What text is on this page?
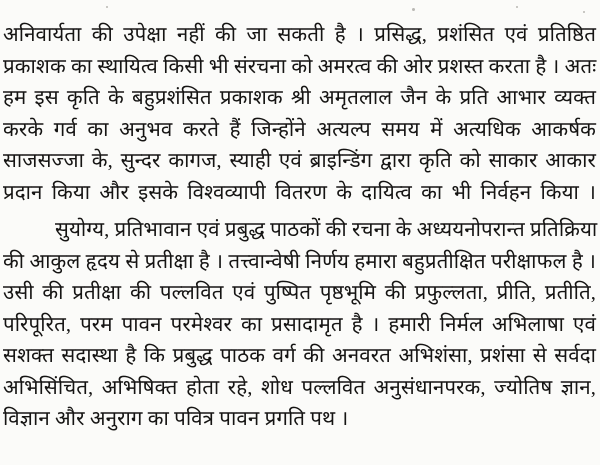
अनिवार्यता की उपेक्षा नहीं की जा सकती है । प्रसिद्ध, प्रशंसित एवं प्रतिष्ठित
प्रकाशक का स्थायित्व किसी भी संरचना को अमरत्व की ओर प्रशस्त करता है । अतः
हम इस कृति के बहुप्रशंसित प्रकाशक श्री अमृतलाल जैन के प्रति आभार व्यक्त
करके गर्व का अनुभव करते हैं जिन्होंने अत्यल्प समय में अत्यधिक आकर्षक
साजसज्जा के, सुन्दर कागज, स्याही एवं ब्राइन्डिंग द्वारा कृति को साकार आकार
प्रदान किया और इसके विश्वव्यापी वितरण के दायित्व का भी निर्वहन किया ।
सुयोग्य, प्रतिभावान एवं प्रबुद्ध पाठकों की रचना के अध्ययनोपरान्त प्रतिक्रिया
की आकुल हृदय से प्रतीक्षा है । तत्त्वान्वेषी निर्णय हमारा बहुप्रतीक्षित परीक्षाफल है ।
उसी की प्रतीक्षा की पल्लवित एवं पुष्पित पृष्ठभूमि की प्रफुल्लता, प्रीति, प्रतीति,
परिपूरित, परम पावन परमेश्वर का प्रसादामृत है । हमारी निर्मल अभिलाषा एवं
सशक्त सदास्था है कि प्रबुद्ध पाठक वर्ग की अनवरत अभिशंसा, प्रशंसा से सर्वदा
अभिसिंचित, अभिषिक्त होता रहे, शोध पल्लवित अनुसंधानपरक, ज्योतिष ज्ञान,
विज्ञान और अनुराग का पवित्र पावन प्रगति पथ ।
